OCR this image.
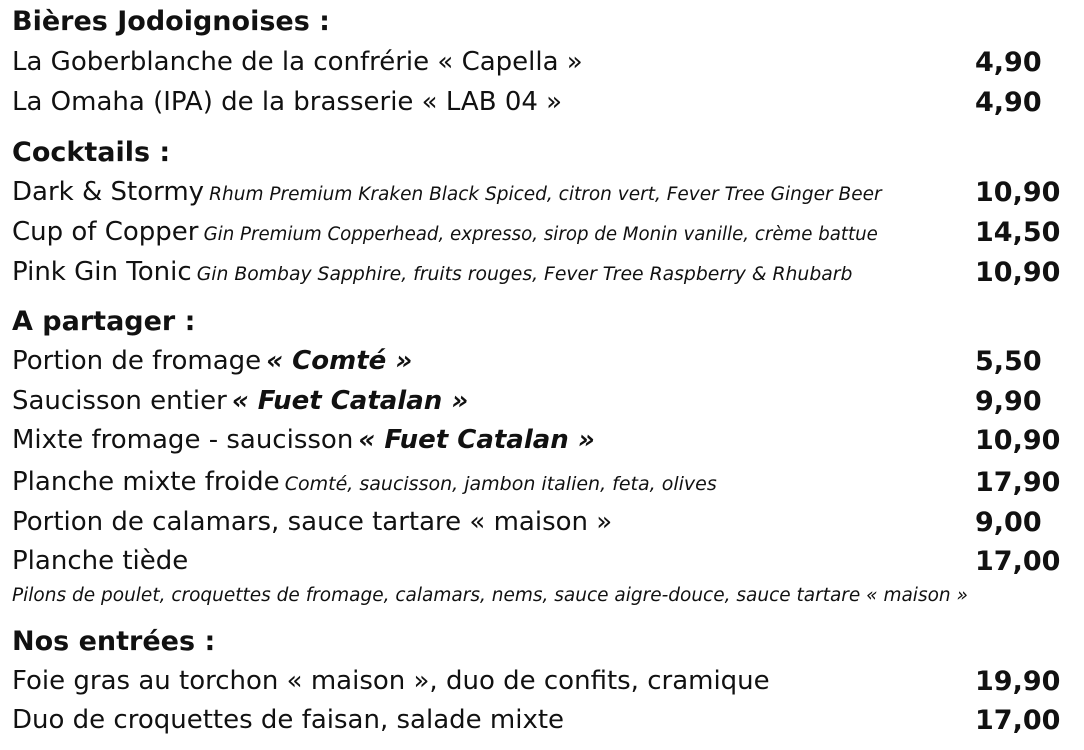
Bières Jodoignoises :
La Goberblanche de la confrérie « Capella »	4,90
La Omaha (IPA) de la brasserie « LAB 04 »	4,90
Cocktails :
Dark & Stormy Rhum Premium Kraken Black Spiced, citron vert, Fever Tree Ginger Beer	10,90
Cup of Copper Gin Premium Copperhead, expresso, sirop de Monin vanille, crème battue	14,50
Pink Gin Tonic Gin Bombay Sapphire, fruits rouges, Fever Tree Raspberry & Rhubarb	10,90
A partager :
Portion de fromage « Comté »	5,50
Saucisson entier « Fuet Catalan »	9,90
Mixte fromage - saucisson « Fuet Catalan »	10,90
Planche mixte froide Comté, saucisson, jambon italien, feta, olives	17,90
Portion de calamars, sauce tartare « maison »	9,00
Planche tiède	17,00
Pilons de poulet, croquettes de fromage, calamars, nems, sauce aigre-douce, sauce tartare « maison »
Nos entrées :
Foie gras au torchon « maison », duo de confits, cramique	19,90
Duo de croquettes de faisan, salade mixte	17,00
